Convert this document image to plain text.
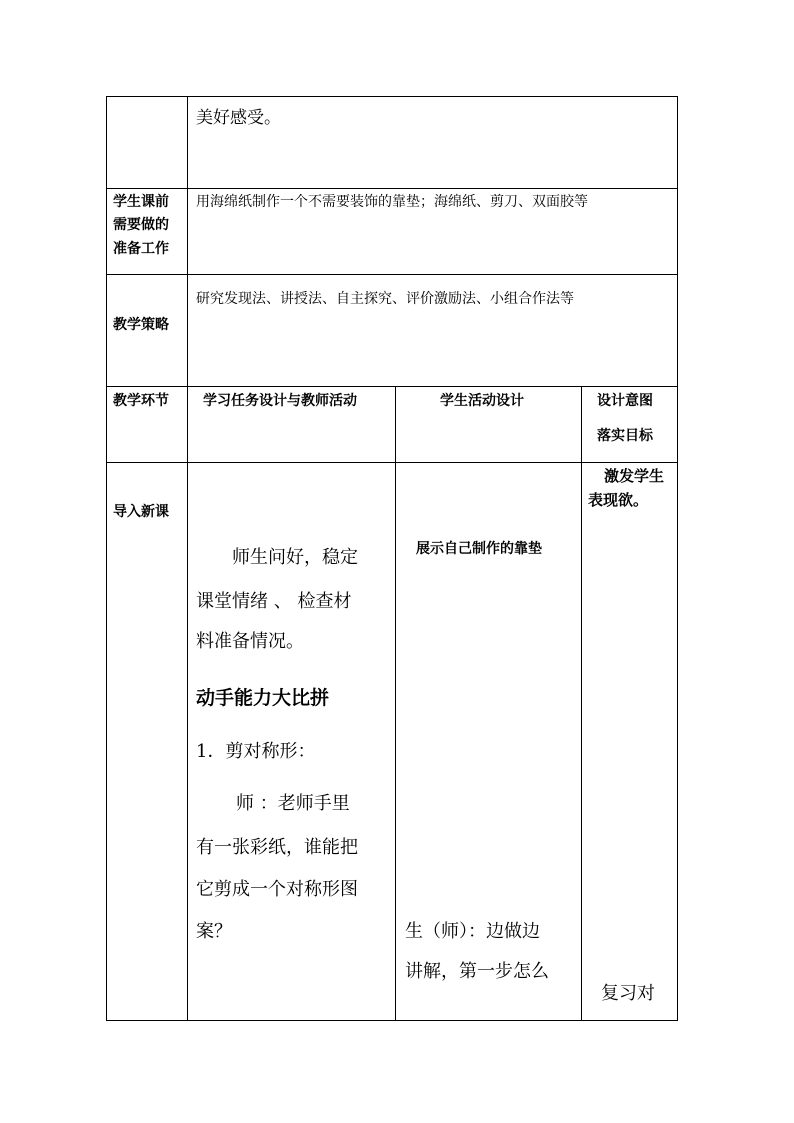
美好感受。
学生课前
需要做的
准备工作
用海绵纸制作一个不需要装饰的靠垫；海绵纸、剪刀、双面胶等
教学策略
研究发现法、讲授法、自主探究、评价激励法、小组合作法等
教学环节 学习任务设计与教师活动	学生活动设计	设计意图
落实目标
导入新课
师生问好，稳定
课堂情绪 、 检查材
料准备情况。
动手能力大比拼
1．剪对称形：
师 ：老师手里
有一张彩纸，谁能把
它剪成一个对称形图
案？
展示自己制作的靠垫
生（师）：边做边
讲解，第一步怎么
激发学生
表现欲。
复习对
